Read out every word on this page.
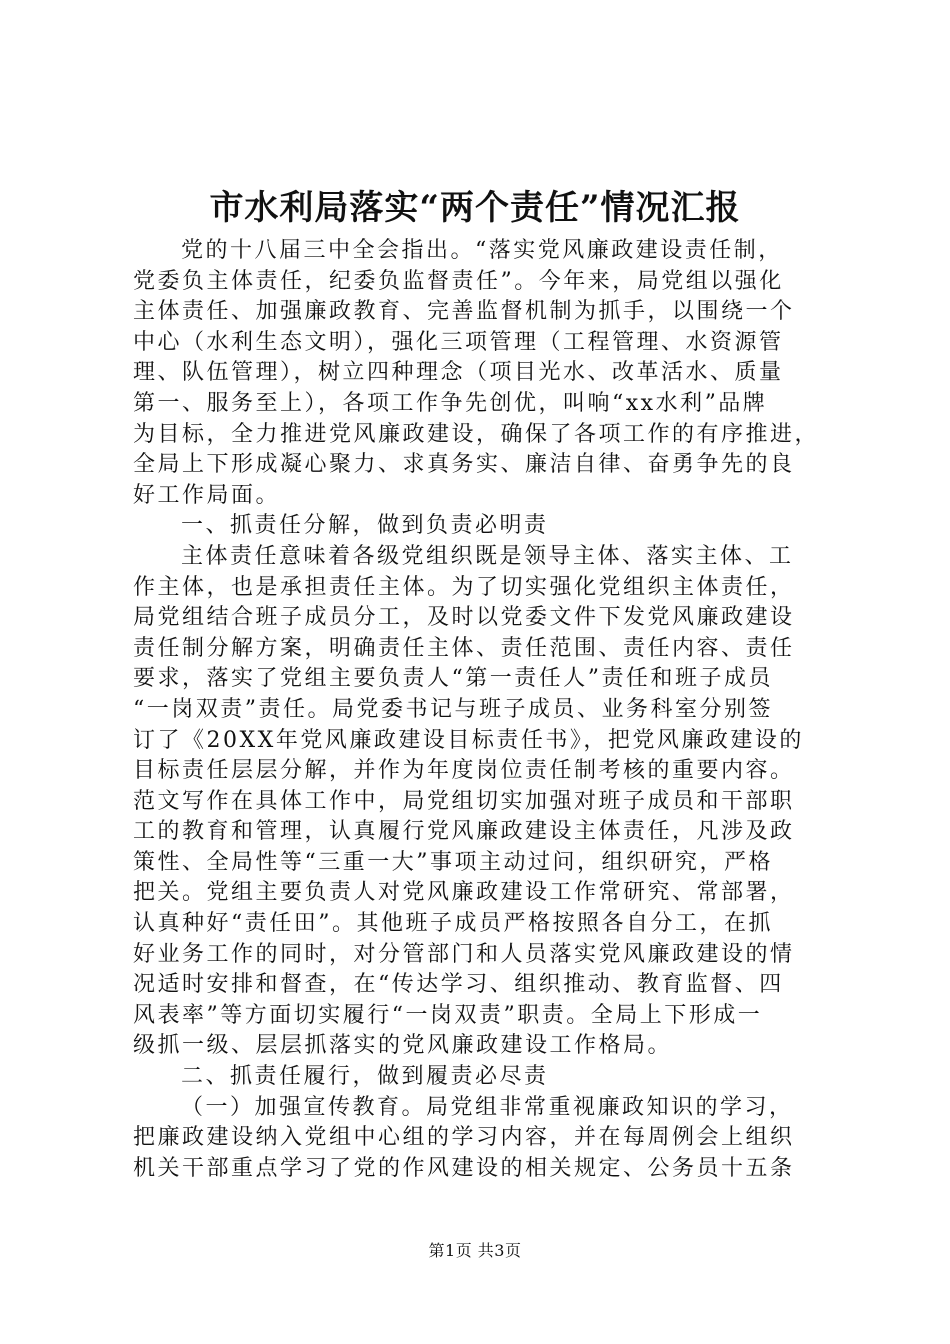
市水利局落实“两个责任”情况汇报
党的十八届三中全会指出。“落实党风廉政建设责任制，
党委负主体责任，纪委负监督责任”。今年来，局党组以强化
主体责任、加强廉政教育、完善监督机制为抓手，以围绕一个
中心（水利生态文明），强化三项管理（工程管理、水资源管
理、队伍管理），树立四种理念（项目光水、改革活水、质量
第一、服务至上），各项工作争先创优，叫响“xx水利”品牌
为目标，全力推进党风廉政建设，确保了各项工作的有序推进，
全局上下形成凝心聚力、求真务实、廉洁自律、奋勇争先的良
好工作局面。
一、抓责任分解，做到负责必明责
主体责任意味着各级党组织既是领导主体、落实主体、工
作主体，也是承担责任主体。为了切实强化党组织主体责任，
局党组结合班子成员分工，及时以党委文件下发党风廉政建设
责任制分解方案，明确责任主体、责任范围、责任内容、责任
要求，落实了党组主要负责人“第一责任人”责任和班子成员
“一岗双责”责任。局党委书记与班子成员、业务科室分别签
订了《20XX年党风廉政建设目标责任书》，把党风廉政建设的
目标责任层层分解，并作为年度岗位责任制考核的重要内容。
范文写作在具体工作中，局党组切实加强对班子成员和干部职
工的教育和管理，认真履行党风廉政建设主体责任，凡涉及政
策性、全局性等“三重一大”事项主动过问，组织研究，严格
把关。党组主要负责人对党风廉政建设工作常研究、常部署，
认真种好“责任田”。其他班子成员严格按照各自分工，在抓
好业务工作的同时，对分管部门和人员落实党风廉政建设的情
况适时安排和督查，在“传达学习、组织推动、教育监督、四
风表率”等方面切实履行“一岗双责”职责。全局上下形成一
级抓一级、层层抓落实的党风廉政建设工作格局。
二、抓责任履行，做到履责必尽责
（一）加强宣传教育。局党组非常重视廉政知识的学习，
把廉政建设纳入党组中心组的学习内容，并在每周例会上组织
机关干部重点学习了党的作风建设的相关规定、公务员十五条
第1页 共3页
